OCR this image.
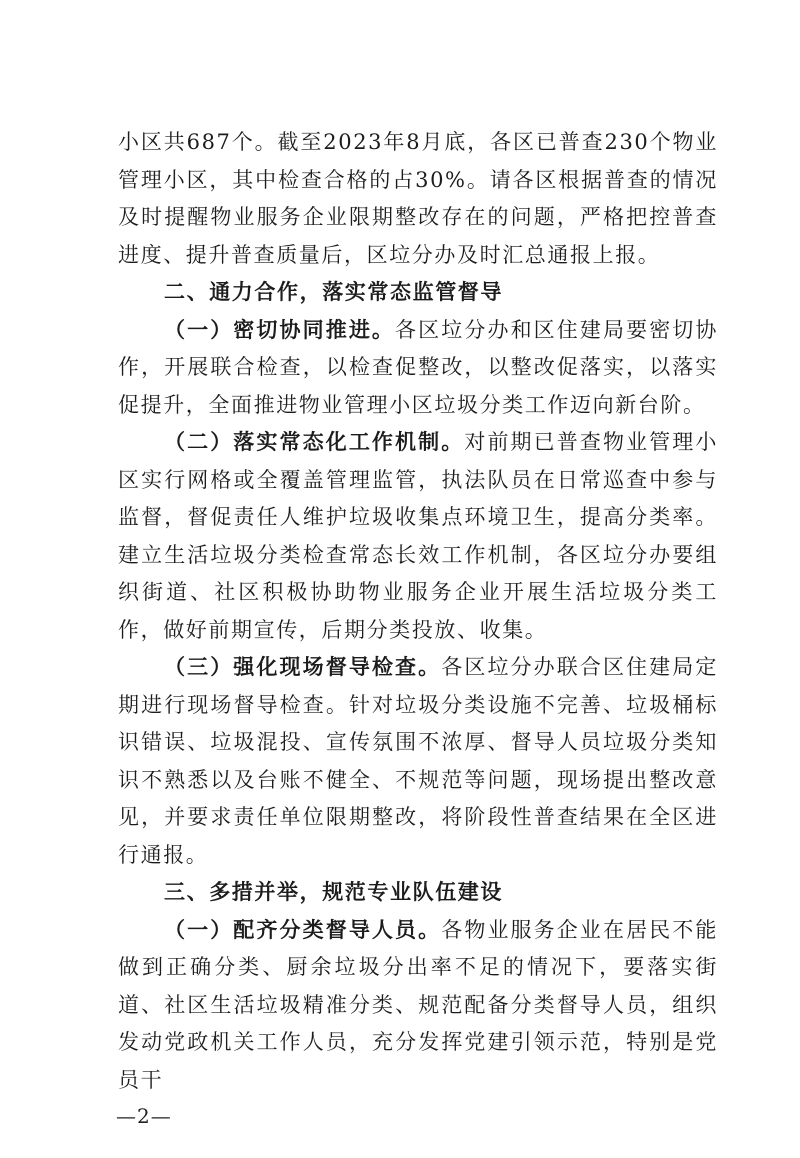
小区共687个。截至2023年8月底，各区已普查230个物业管理小区，其中检查合格的占30%。请各区根据普查的情况及时提醒物业服务企业限期整改存在的问题，严格把控普查进度、提升普查质量后，区垃分办及时汇总通报上报。

二、通力合作，落实常态监管督导

（一）密切协同推进。各区垃分办和区住建局要密切协作，开展联合检查，以检查促整改，以整改促落实，以落实促提升，全面推进物业管理小区垃圾分类工作迈向新台阶。

（二）落实常态化工作机制。对前期已普查物业管理小区实行网格或全覆盖管理监管，执法队员在日常巡查中参与监督，督促责任人维护垃圾收集点环境卫生，提高分类率。建立生活垃圾分类检查常态长效工作机制，各区垃分办要组织街道、社区积极协助物业服务企业开展生活垃圾分类工作，做好前期宣传，后期分类投放、收集。

（三）强化现场督导检查。各区垃分办联合区住建局定期进行现场督导检查。针对垃圾分类设施不完善、垃圾桶标识错误、垃圾混投、宣传氛围不浓厚、督导人员垃圾分类知识不熟悉以及台账不健全、不规范等问题，现场提出整改意见，并要求责任单位限期整改，将阶段性普查结果在全区进行通报。

三、多措并举，规范专业队伍建设

（一）配齐分类督导人员。各物业服务企业在居民不能做到正确分类、厨余垃圾分出率不足的情况下，要落实街道、社区生活垃圾精准分类、规范配备分类督导人员，组织发动党政机关工作人员，充分发挥党建引领示范，特别是党员干

—2—
